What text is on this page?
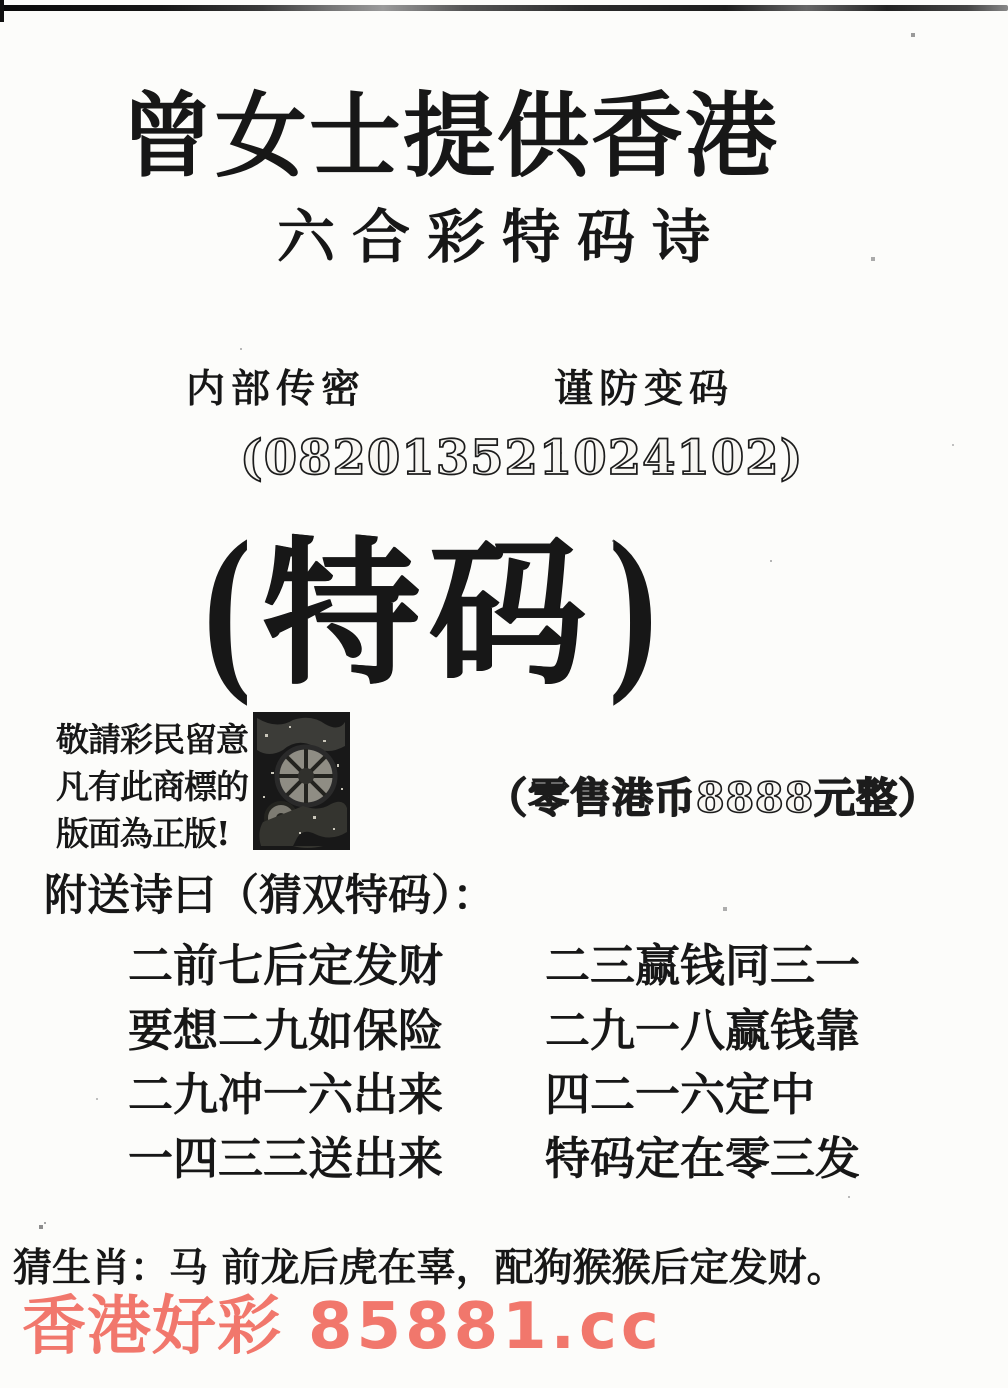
曾女士提供香港
六合彩特码诗
内部传密	谨防变码
(082013521024102)
( 特码 )
敬請彩民留意
凡有此商標的
版面為正版!
（零售港币8888元整）
附送诗曰（猜双特码）：
二前七后定发财 二三赢钱同三一
要想二九如保险 二九一八赢钱靠
二九冲一六出来 四二一六定中
一四三三送出来 特码定在零三发
猜生肖：马 前龙后虎在辜，配狗猴猴后定发财。
香港好彩 85881.cc
